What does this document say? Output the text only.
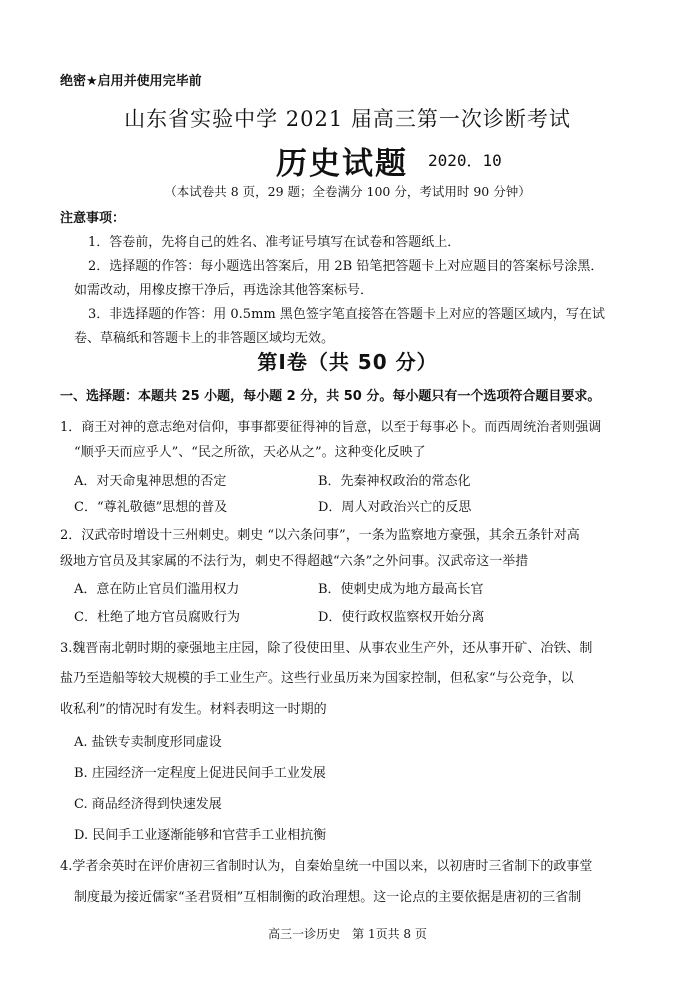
绝密★启用并使用完毕前
山东省实验中学 2021 届高三第一次诊断考试
历史试题 2020．10
（本试卷共 8 页，29 题；全卷满分 100 分，考试用时 90 分钟）
注意事项：
1．答卷前，先将自己的姓名、准考证号填写在试卷和答题纸上．
2．选择题的作答：每小题选出答案后，用 2B 铅笔把答题卡上对应题目的答案标号涂黑．
如需改动，用橡皮擦干净后，再选涂其他答案标号．
3．非选择题的作答：用 0.5mm 黑色签字笔直接答在答题卡上对应的答题区域内，写在试
卷、草稿纸和答题卡上的非答题区域均无效。
第Ⅰ卷（共 50 分）
一、选择题：本题共 25 小题，每小题 2 分，共 50 分。每小题只有一个选项符合题目要求。
1．商王对神的意志绝对信仰，事事都要征得神的旨意，以至于每事必卜。而西周统治者则强调
“顺乎天而应乎人”、“民之所欲，天必从之”。这种变化反映了
A．对天命鬼神思想的否定	B．先秦神权政治的常态化
C．“尊礼敬德”思想的普及	D．周人对政治兴亡的反思
2．汉武帝时增设十三州刺史。刺史 “以六条问事”，一条为监察地方豪强，其余五条针对高
级地方官员及其家属的不法行为，刺史不得超越“六条”之外问事。汉武帝这一举措
A．意在防止官员们滥用权力	B．使刺史成为地方最高长官
C．杜绝了地方官员腐败行为	D．使行政权监察权开始分离
3.魏晋南北朝时期的豪强地主庄园，除了役使田里、从事农业生产外，还从事开矿、冶铁、制
盐乃至造船等较大规模的手工业生产。这些行业虽历来为国家控制，但私家“与公竞争，以
收私利”的情况时有发生。材料表明这一时期的
A. 盐铁专卖制度形同虚设
B. 庄园经济一定程度上促进民间手工业发展
C. 商品经济得到快速发展
D. 民间手工业逐渐能够和官营手工业相抗衡
4.学者余英时在评价唐初三省制时认为，自秦始皇统一中国以来，以初唐时三省制下的政事堂
制度最为接近儒家“圣君贤相”互相制衡的政治理想。这一论点的主要依据是唐初的三省制
高三一诊历史　第 1页共 8 页
